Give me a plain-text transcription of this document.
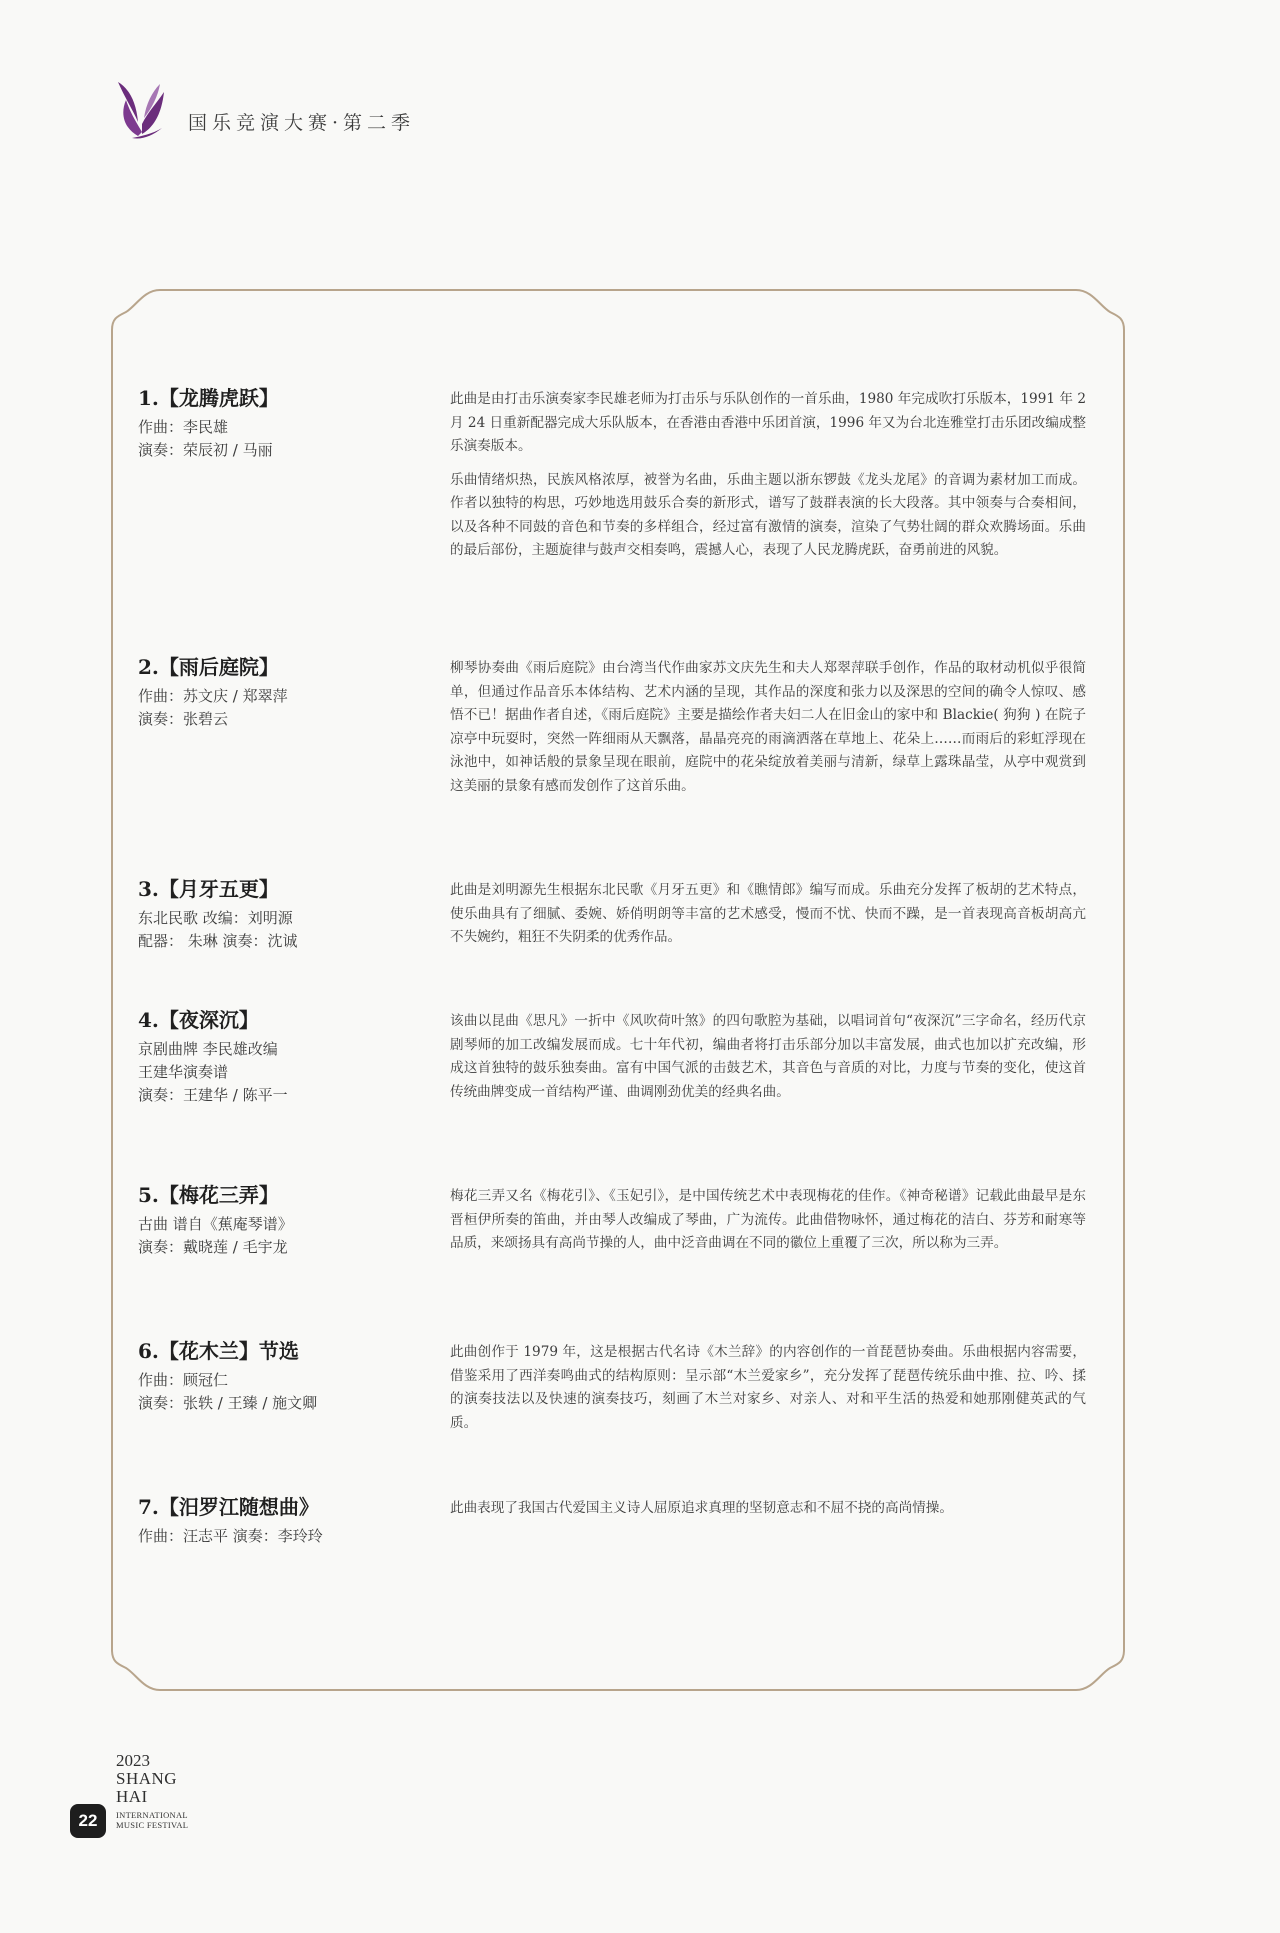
国乐竞演大赛·第二季
1.【龙腾虎跃】
作曲：李民雄
演奏：荣辰初 / 马丽

此曲是由打击乐演奏家李民雄老师为打击乐与乐队创作的一首乐曲，1980 年完成吹打乐版本，1991 年 2 月 24 日重新配器完成大乐队版本，在香港由香港中乐团首演，1996 年又为台北连雅堂打击乐团改编成整乐演奏版本。

乐曲情绪炽热，民族风格浓厚，被誉为名曲，乐曲主题以浙东锣鼓《龙头龙尾》的音调为素材加工而成。作者以独特的构思，巧妙地选用鼓乐合奏的新形式，谱写了鼓群表演的长大段落。其中领奏与合奏相间，以及各种不同鼓的音色和节奏的多样组合，经过富有激情的演奏，渲染了气势壮阔的群众欢腾场面。乐曲的最后部份，主题旋律与鼓声交相奏鸣，震撼人心，表现了人民龙腾虎跃，奋勇前进的风貌。

2.【雨后庭院】
作曲：苏文庆 / 郑翠萍
演奏：张碧云

柳琴协奏曲《雨后庭院》由台湾当代作曲家苏文庆先生和夫人郑翠萍联手创作，作品的取材动机似乎很简单，但通过作品音乐本体结构、艺术内涵的呈现，其作品的深度和张力以及深思的空间的确令人惊叹、感悟不已！据曲作者自述，《雨后庭院》主要是描绘作者夫妇二人在旧金山的家中和 Blackie( 狗狗 ) 在院子凉亭中玩耍时，突然一阵细雨从天飘落，晶晶亮亮的雨滴洒落在草地上、花朵上……而雨后的彩虹浮现在泳池中，如神话般的景象呈现在眼前，庭院中的花朵绽放着美丽与清新，绿草上露珠晶莹，从亭中观赏到这美丽的景象有感而发创作了这首乐曲。

3.【月牙五更】
东北民歌 改编：刘明源
配器： 朱琳 演奏：沈诚

此曲是刘明源先生根据东北民歌《月牙五更》和《瞧情郎》编写而成。乐曲充分发挥了板胡的艺术特点，使乐曲具有了细腻、委婉、娇俏明朗等丰富的艺术感受，慢而不忧、快而不躁，是一首表现高音板胡高亢不失婉约，粗狂不失阴柔的优秀作品。

4.【夜深沉】
京剧曲牌 李民雄改编
王建华演奏谱
演奏：王建华 / 陈平一

该曲以昆曲《思凡》一折中《风吹荷叶煞》的四句歌腔为基础，以唱词首句“夜深沉”三字命名，经历代京剧琴师的加工改编发展而成。七十年代初，编曲者将打击乐部分加以丰富发展，曲式也加以扩充改编，形成这首独特的鼓乐独奏曲。富有中国气派的击鼓艺术，其音色与音质的对比，力度与节奏的变化，使这首传统曲牌变成一首结构严谨、曲调刚劲优美的经典名曲。

5.【梅花三弄】
古曲 谱自《蕉庵琴谱》
演奏：戴晓莲 / 毛宇龙

梅花三弄又名《梅花引》、《玉妃引》，是中国传统艺术中表现梅花的佳作。《神奇秘谱》记载此曲最早是东晋桓伊所奏的笛曲，并由琴人改编成了琴曲，广为流传。此曲借物咏怀，通过梅花的洁白、芬芳和耐寒等品质，来颂扬具有高尚节操的人，曲中泛音曲调在不同的徽位上重覆了三次，所以称为三弄。

6.【花木兰】节选
作曲：顾冠仁
演奏：张轶 / 王臻 / 施文卿

此曲创作于 1979 年，这是根据古代名诗《木兰辞》的内容创作的一首琵琶协奏曲。乐曲根据内容需要，借鉴采用了西洋奏鸣曲式的结构原则：呈示部“木兰爱家乡”，充分发挥了琵琶传统乐曲中推、拉、吟、揉的演奏技法以及快速的演奏技巧，刻画了木兰对家乡、对亲人、对和平生活的热爱和她那刚健英武的气质。

7.【汨罗江随想曲》
作曲：汪志平 演奏：李玲玲

此曲表现了我国古代爱国主义诗人屈原追求真理的坚韧意志和不屈不挠的高尚情操。

2023
SHANG
HAI
22	INTERNATIONAL
MUSIC FESTIVAL
